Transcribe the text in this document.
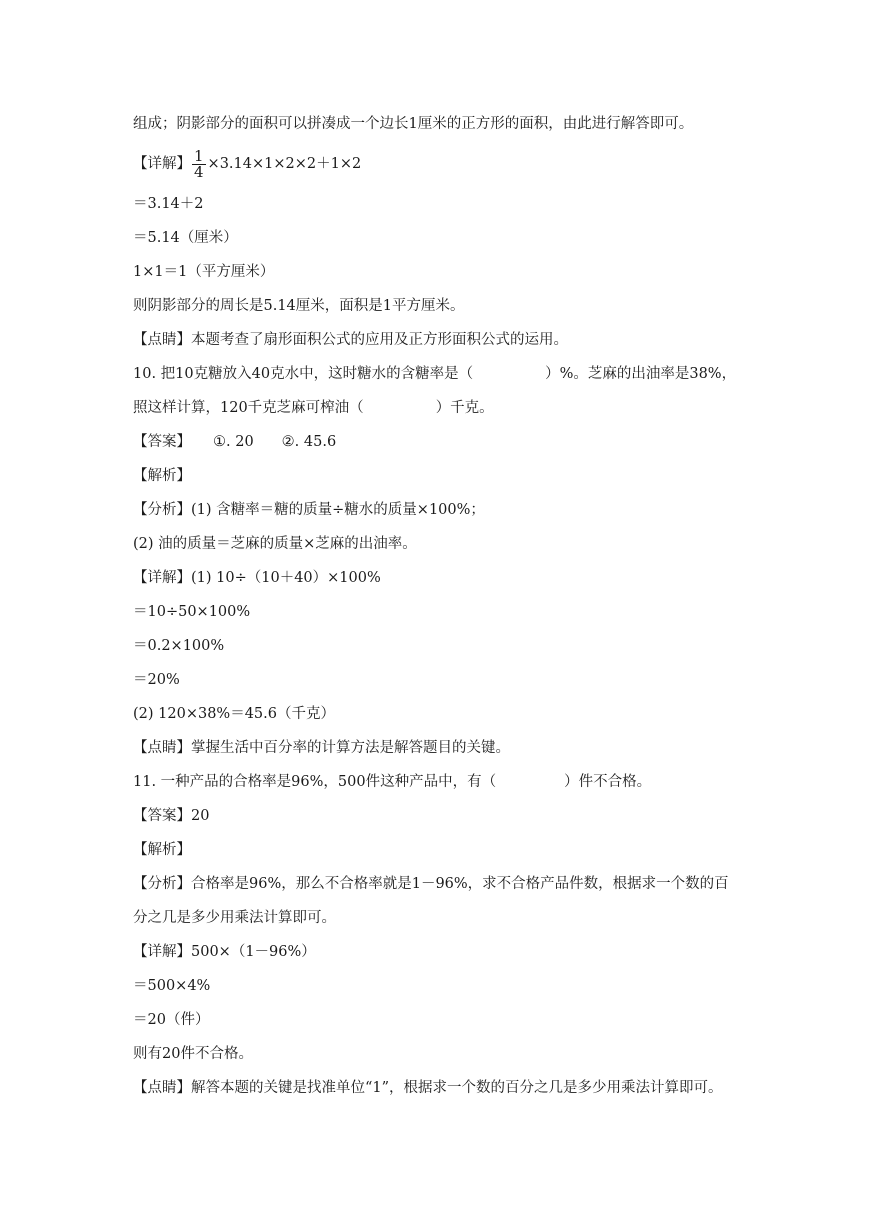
组成；阴影部分的面积可以拼凑成一个边长1厘米的正方形的面积，由此进行解答即可。
【详解】 $\frac{1}{4} \times 3.14\times 1\times 2\times 2+1\times 2$
＝3.14＋2
＝5.14（厘米）
1×1＝1（平方厘米）
则阴影部分的周长是5.14厘米，面积是1平方厘米。
【点睛】本题考查了扇形面积公式的应用及正方形面积公式的运用。
10. 把10克糖放入40克水中，这时糖水的含糖率是（	）%。芝麻的出油率是38%，
照这样计算，120千克芝麻可榨油（	）千克。
【答案】 ①. 20 ②. 45.6
【解析】
【分析】(1) 含糖率＝糖的质量÷糖水的质量×100%；
(2) 油的质量＝芝麻的质量×芝麻的出油率。
【详解】(1) 10÷（10＋40）×100%
＝10÷50×100%
＝0.2×100%
＝20%
(2) 120×38%＝45.6（千克）
【点睛】掌握生活中百分率的计算方法是解答题目的关键。
11. 一种产品的合格率是96%，500件这种产品中，有（	）件不合格。
【答案】20
【解析】
【分析】合格率是96%，那么不合格率就是1－96%，求不合格产品件数，根据求一个数的百
分之几是多少用乘法计算即可。
【详解】500×（1－96%）
＝500×4%
＝20（件）
则有20件不合格。
【点睛】解答本题的关键是找准单位“1”，根据求一个数的百分之几是多少用乘法计算即可。
